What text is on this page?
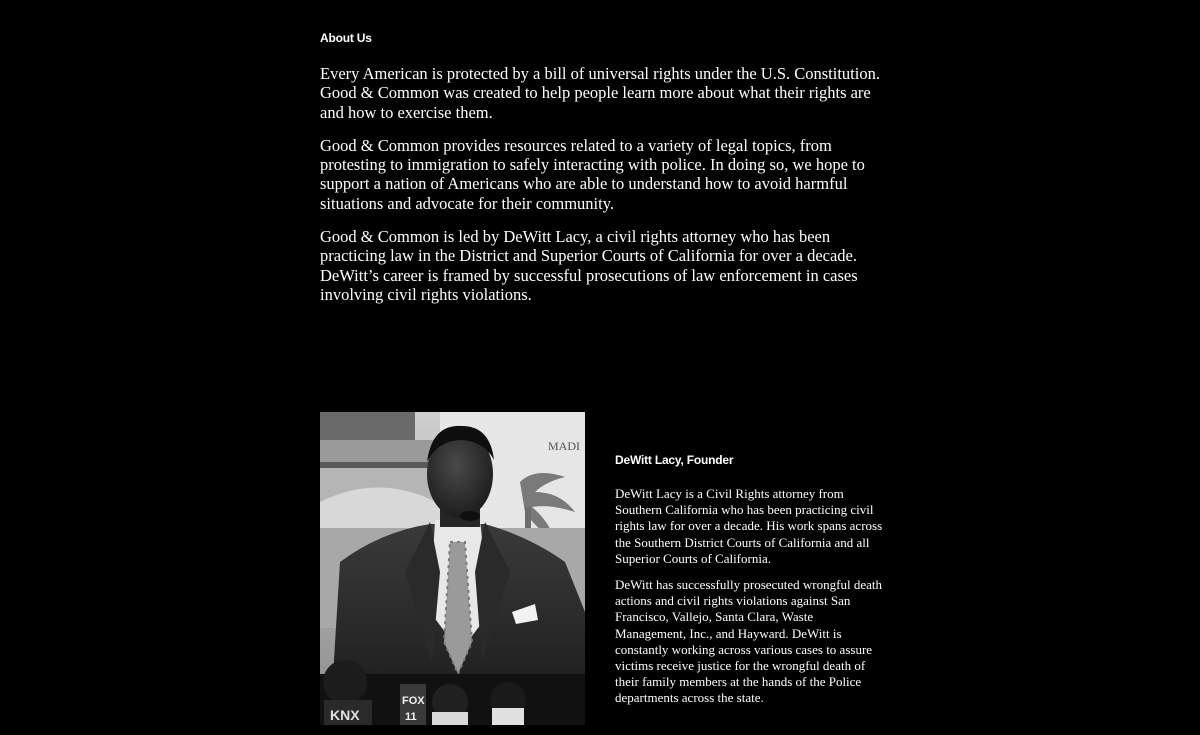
About Us

Every American is protected by a bill of universal rights under the U.S. Constitution. Good & Common was created to help people learn more about what their rights are and how to exercise them.

Good & Common provides resources related to a variety of legal topics, from protesting to immigration to safely interacting with police. In doing so, we hope to support a nation of Americans who are able to understand how to avoid harmful situations and advocate for their community.

Good & Common is led by DeWitt Lacy, a civil rights attorney who has been practicing law in the District and Superior Courts of California for over a decade. DeWitt’s career is framed by successful prosecutions of law enforcement in cases involving civil rights violations.

MADI
KNX
FOX
11
DeWitt Lacy, Founder

DeWitt Lacy is a Civil Rights attorney from Southern California who has been practicing civil rights law for over a decade. His work spans across the Southern District Courts of California and all Superior Courts of California.

DeWitt has successfully prosecuted wrongful death actions and civil rights violations against San Francisco, Vallejo, Santa Clara, Waste Management, Inc., and Hayward. DeWitt is constantly working across various cases to assure victims receive justice for the wrongful death of their family members at the hands of the Police departments across the state.
